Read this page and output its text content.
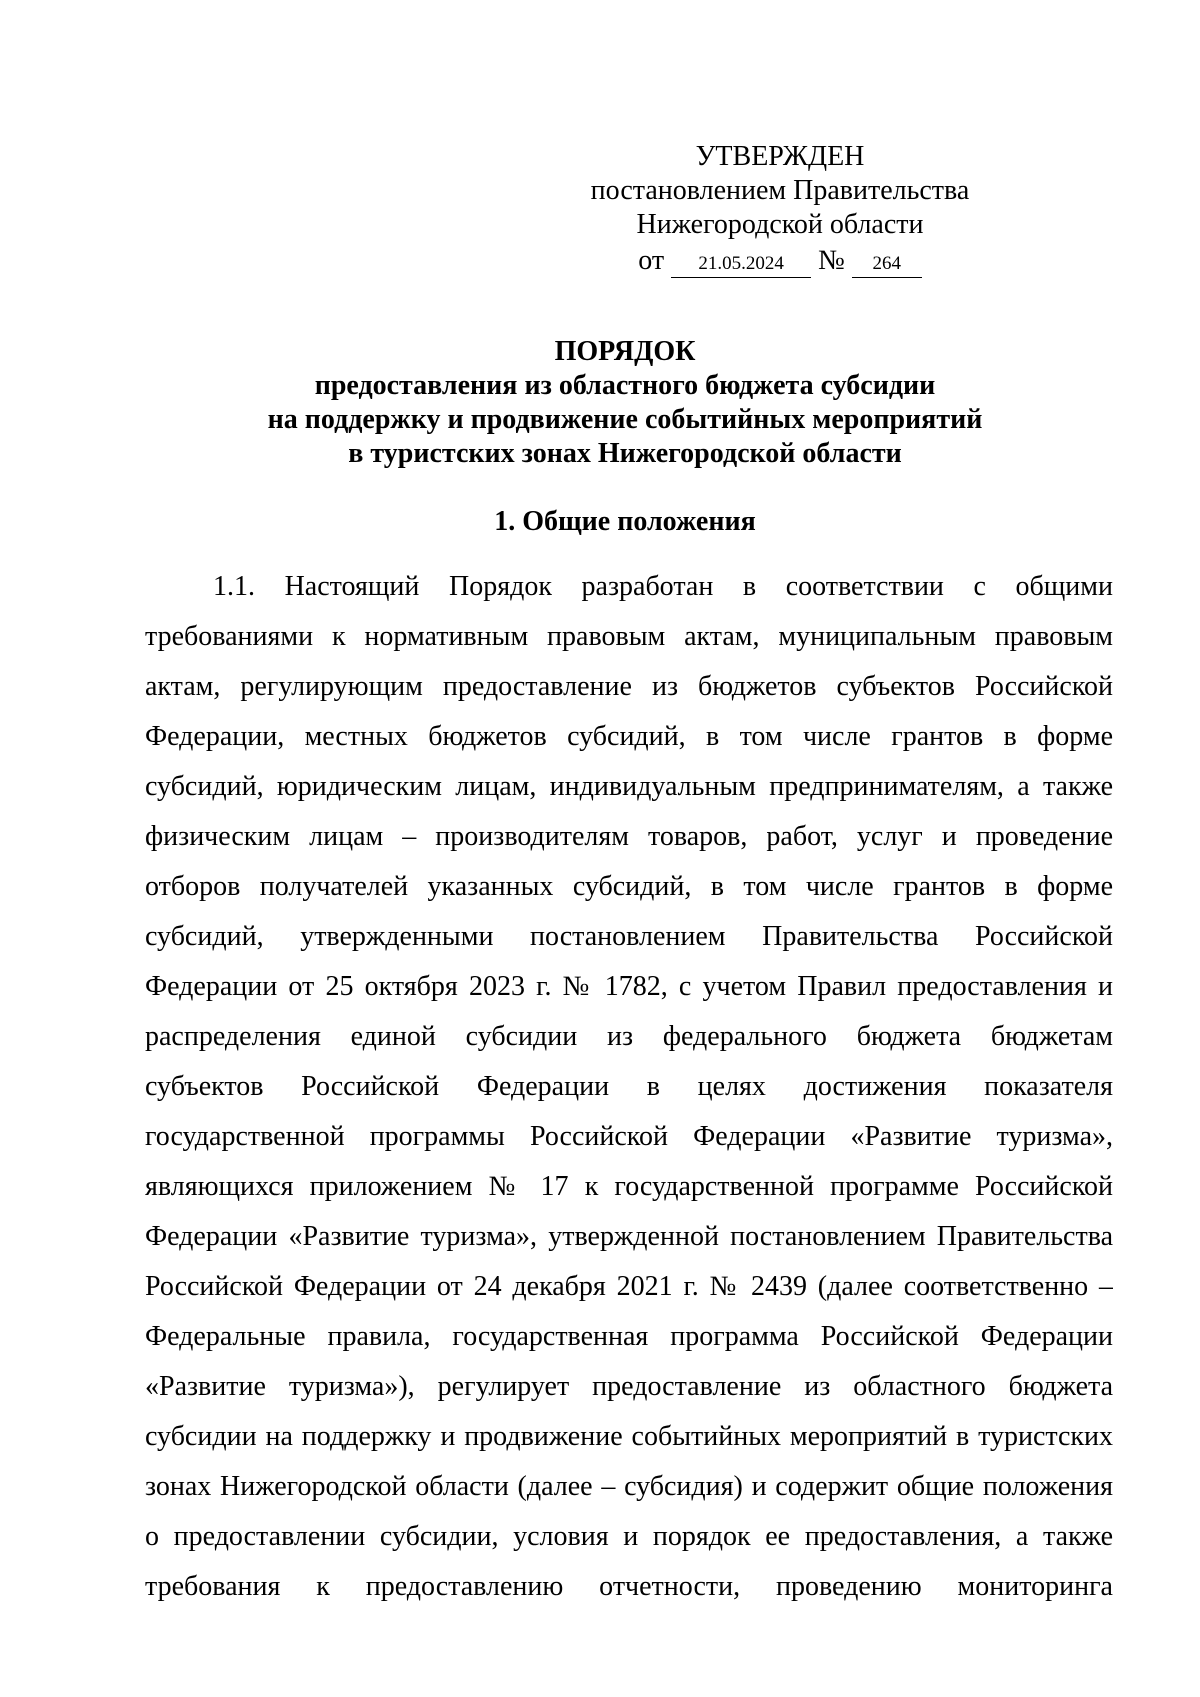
УТВЕРЖДЕН
постановлением Правительства
Нижегородской области
от 21.05.2024 № 264
ПОРЯДОК
предоставления из областного бюджета субсидии
на поддержку и продвижение событийных мероприятий
в туристских зонах Нижегородской области
1. Общие положения
1.1. Настоящий Порядок разработан в соответствии с общими
требованиями к нормативным правовым актам, муниципальным правовым
актам, регулирующим предоставление из бюджетов субъектов Российской
Федерации, местных бюджетов субсидий, в том числе грантов в форме
субсидий, юридическим лицам, индивидуальным предпринимателям, а также
физическим лицам – производителям товаров, работ, услуг и проведение
отборов получателей указанных субсидий, в том числе грантов в форме
субсидий, утвержденными постановлением Правительства Российской
Федерации от 25 октября 2023 г. № 1782, с учетом Правил предоставления и
распределения единой субсидии из федерального бюджета бюджетам
субъектов Российской Федерации в целях достижения показателя
государственной программы Российской Федерации «Развитие туризма»,
являющихся приложением № 17 к государственной программе Российской
Федерации «Развитие туризма», утвержденной постановлением Правительства
Российской Федерации от 24 декабря 2021 г. № 2439 (далее соответственно –
Федеральные правила, государственная программа Российской Федерации
«Развитие туризма»), регулирует предоставление из областного бюджета
субсидии на поддержку и продвижение событийных мероприятий в туристских
зонах Нижегородской области (далее – субсидия) и содержит общие положения
о предоставлении субсидии, условия и порядок ее предоставления, а также
требования к предоставлению отчетности, проведению мониторинга
